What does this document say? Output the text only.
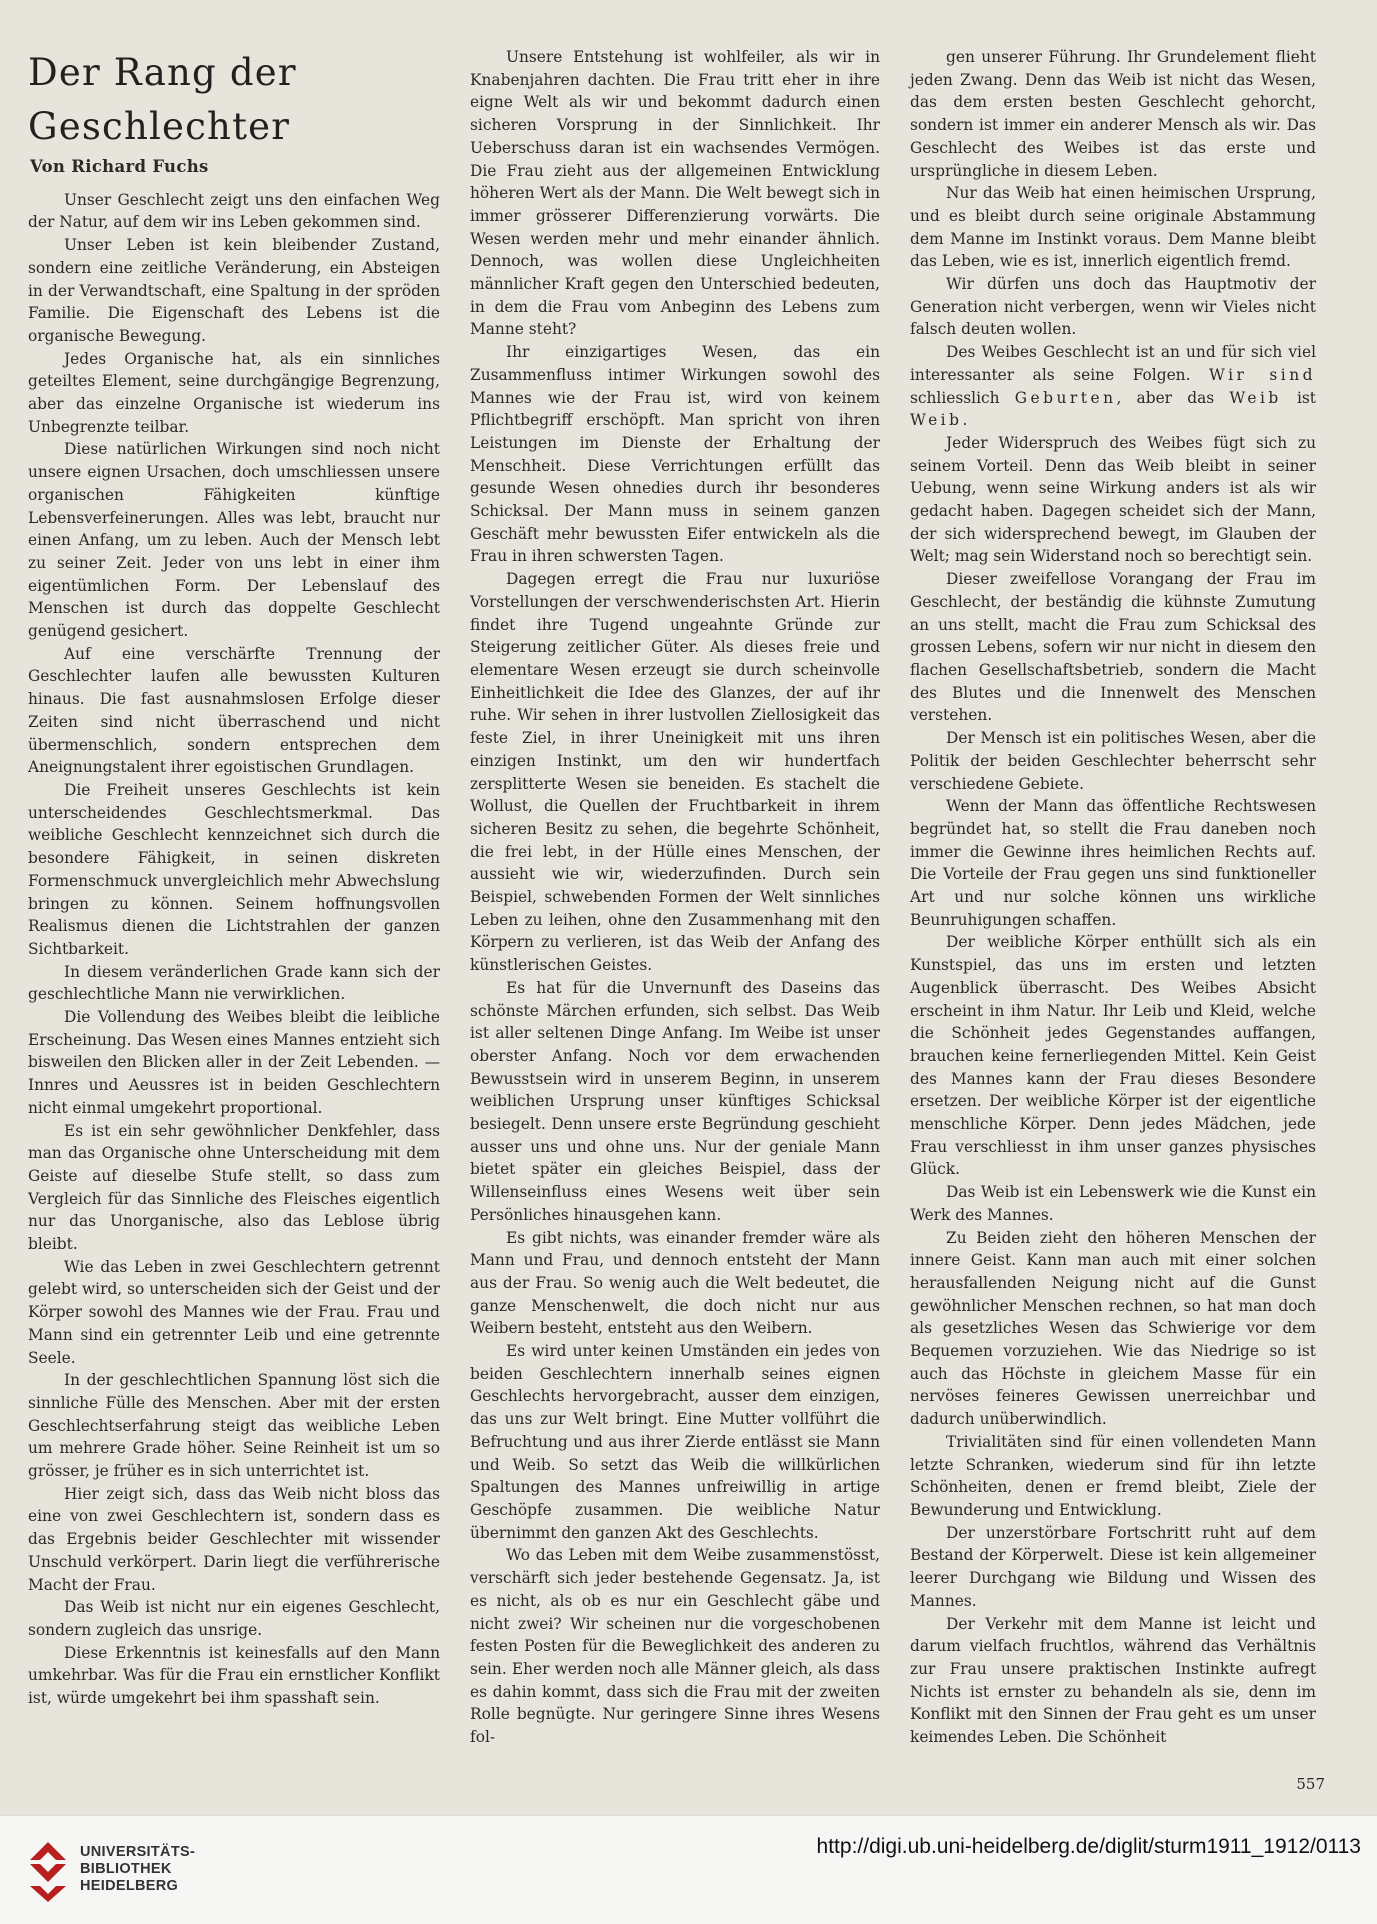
Der Rang der Geschlechter
Von Richard Fuchs

Unser Geschlecht zeigt uns den einfachen Weg der Natur, auf dem wir ins Leben gekommen sind.

Unser Leben ist kein bleibender Zustand, sondern eine zeitliche Veränderung, ein Absteigen in der Verwandtschaft, eine Spaltung in der spröden Familie. Die Eigenschaft des Lebens ist die organische Bewegung.

Jedes Organische hat, als ein sinnliches geteiltes Element, seine durchgängige Begrenzung, aber das einzelne Organische ist wiederum ins Unbegrenzte teilbar.

Diese natürlichen Wirkungen sind noch nicht unsere eignen Ursachen, doch umschliessen unsere organischen Fähigkeiten künftige Lebensverfeinerungen. Alles was lebt, braucht nur einen Anfang, um zu leben. Auch der Mensch lebt zu seiner Zeit. Jeder von uns lebt in einer ihm eigentümlichen Form. Der Lebenslauf des Menschen ist durch das doppelte Geschlecht genügend gesichert.

Auf eine verschärfte Trennung der Geschlechter laufen alle bewussten Kulturen hinaus. Die fast ausnahmslosen Erfolge dieser Zeiten sind nicht überraschend und nicht übermenschlich, sondern entsprechen dem Aneignungstalent ihrer egoistischen Grundlagen.

Die Freiheit unseres Geschlechts ist kein unterscheidendes Geschlechtsmerkmal. Das weibliche Geschlecht kennzeichnet sich durch die besondere Fähigkeit, in seinen diskreten Formenschmuck unvergleichlich mehr Abwechslung bringen zu können. Seinem hoffnungsvollen Realismus dienen die Lichtstrahlen der ganzen Sichtbarkeit.

In diesem veränderlichen Grade kann sich der geschlechtliche Mann nie verwirklichen.

Die Vollendung des Weibes bleibt die leibliche Erscheinung. Das Wesen eines Mannes entzieht sich bisweilen den Blicken aller in der Zeit Lebenden. — Innres und Aeussres ist in beiden Geschlechtern nicht einmal umgekehrt proportional.

Es ist ein sehr gewöhnlicher Denkfehler, dass man das Organische ohne Unterscheidung mit dem Geiste auf dieselbe Stufe stellt, so dass zum Vergleich für das Sinnliche des Fleisches eigentlich nur das Unorganische, also das Leblose übrig bleibt.

Wie das Leben in zwei Geschlechtern getrennt gelebt wird, so unterscheiden sich der Geist und der Körper sowohl des Mannes wie der Frau. Frau und Mann sind ein getrennter Leib und eine getrennte Seele.

In der geschlechtlichen Spannung löst sich die sinnliche Fülle des Menschen. Aber mit der ersten Geschlechtserfahrung steigt das weibliche Leben um mehrere Grade höher. Seine Reinheit ist um so grösser, je früher es in sich unterrichtet ist.

Hier zeigt sich, dass das Weib nicht bloss das eine von zwei Geschlechtern ist, sondern dass es das Ergebnis beider Geschlechter mit wissender Unschuld verkörpert. Darin liegt die verführerische Macht der Frau.

Das Weib ist nicht nur ein eigenes Geschlecht, sondern zugleich das unsrige.

Diese Erkenntnis ist keinesfalls auf den Mann umkehrbar. Was für die Frau ein ernstlicher Konflikt ist, würde umgekehrt bei ihm spasshaft sein.

Unsere Entstehung ist wohlfeiler, als wir in Knabenjahren dachten. Die Frau tritt eher in ihre eigne Welt als wir und bekommt dadurch einen sicheren Vorsprung in der Sinnlichkeit. Ihr Ueberschuss daran ist ein wachsendes Vermögen. Die Frau zieht aus der allgemeinen Entwicklung höheren Wert als der Mann. Die Welt bewegt sich in immer grösserer Differenzierung vorwärts. Die Wesen werden mehr und mehr einander ähnlich. Dennoch, was wollen diese Ungleichheiten männlicher Kraft gegen den Unterschied bedeuten, in dem die Frau vom Anbeginn des Lebens zum Manne steht?

Ihr einzigartiges Wesen, das ein Zusammenfluss intimer Wirkungen sowohl des Mannes wie der Frau ist, wird von keinem Pflichtbegriff erschöpft. Man spricht von ihren Leistungen im Dienste der Erhaltung der Menschheit. Diese Verrichtungen erfüllt das gesunde Wesen ohnedies durch ihr besonderes Schicksal. Der Mann muss in seinem ganzen Geschäft mehr bewussten Eifer entwickeln als die Frau in ihren schwersten Tagen.

Dagegen erregt die Frau nur luxuriöse Vorstellungen der verschwenderischsten Art. Hierin findet ihre Tugend ungeahnte Gründe zur Steigerung zeitlicher Güter. Als dieses freie und elementare Wesen erzeugt sie durch scheinvolle Einheitlichkeit die Idee des Glanzes, der auf ihr ruhe. Wir sehen in ihrer lustvollen Ziellosigkeit das feste Ziel, in ihrer Uneinigkeit mit uns ihren einzigen Instinkt, um den wir hundertfach zersplitterte Wesen sie beneiden. Es stachelt die Wollust, die Quellen der Fruchtbarkeit in ihrem sicheren Besitz zu sehen, die begehrte Schönheit, die frei lebt, in der Hülle eines Menschen, der aussieht wie wir, wiederzufinden. Durch sein Beispiel, schwebenden Formen der Welt sinnliches Leben zu leihen, ohne den Zusammenhang mit den Körpern zu verlieren, ist das Weib der Anfang des künstlerischen Geistes.

Es hat für die Unvernunft des Daseins das schönste Märchen erfunden, sich selbst. Das Weib ist aller seltenen Dinge Anfang. Im Weibe ist unser oberster Anfang. Noch vor dem erwachenden Bewusstsein wird in unserem Beginn, in unserem weiblichen Ursprung unser künftiges Schicksal besiegelt. Denn unsere erste Begründung geschieht ausser uns und ohne uns. Nur der geniale Mann bietet später ein gleiches Beispiel, dass der Willenseinfluss eines Wesens weit über sein Persönliches hinausgehen kann.

Es gibt nichts, was einander fremder wäre als Mann und Frau, und dennoch entsteht der Mann aus der Frau. So wenig auch die Welt bedeutet, die ganze Menschenwelt, die doch nicht nur aus Weibern besteht, entsteht aus den Weibern.

Es wird unter keinen Umständen ein jedes von beiden Geschlechtern innerhalb seines eignen Geschlechts hervorgebracht, ausser dem einzigen, das uns zur Welt bringt. Eine Mutter vollführt die Befruchtung und aus ihrer Zierde entlässt sie Mann und Weib. So setzt das Weib die willkürlichen Spaltungen des Mannes unfreiwillig in artige Geschöpfe zusammen. Die weibliche Natur übernimmt den ganzen Akt des Geschlechts.

Wo das Leben mit dem Weibe zusammenstösst, verschärft sich jeder bestehende Gegensatz. Ja, ist es nicht, als ob es nur ein Geschlecht gäbe und nicht zwei? Wir scheinen nur die vorgeschobenen festen Posten für die Beweglichkeit des anderen zu sein. Eher werden noch alle Männer gleich, als dass es dahin kommt, dass sich die Frau mit der zweiten Rolle begnügte. Nur geringere Sinne ihres Wesens fol-

gen unserer Führung. Ihr Grundelement flieht jeden Zwang. Denn das Weib ist nicht das Wesen, das dem ersten besten Geschlecht gehorcht, sondern ist immer ein anderer Mensch als wir. Das Geschlecht des Weibes ist das erste und ursprüngliche in diesem Leben.

Nur das Weib hat einen heimischen Ursprung, und es bleibt durch seine originale Abstammung dem Manne im Instinkt voraus. Dem Manne bleibt das Leben, wie es ist, innerlich eigentlich fremd.

Wir dürfen uns doch das Hauptmotiv der Generation nicht verbergen, wenn wir Vieles nicht falsch deuten wollen.

Des Weibes Geschlecht ist an und für sich viel interessanter als seine Folgen. Wir sind schliesslich Geburten, aber das Weib ist Weib.

Jeder Widerspruch des Weibes fügt sich zu seinem Vorteil. Denn das Weib bleibt in seiner Uebung, wenn seine Wirkung anders ist als wir gedacht haben. Dagegen scheidet sich der Mann, der sich widersprechend bewegt, im Glauben der Welt; mag sein Widerstand noch so berechtigt sein.

Dieser zweifellose Vorangang der Frau im Geschlecht, der beständig die kühnste Zumutung an uns stellt, macht die Frau zum Schicksal des grossen Lebens, sofern wir nur nicht in diesem den flachen Gesellschaftsbetrieb, sondern die Macht des Blutes und die Innenwelt des Menschen verstehen.

Der Mensch ist ein politisches Wesen, aber die Politik der beiden Geschlechter beherrscht sehr verschiedene Gebiete.

Wenn der Mann das öffentliche Rechtswesen begründet hat, so stellt die Frau daneben noch immer die Gewinne ihres heimlichen Rechts auf. Die Vorteile der Frau gegen uns sind funktioneller Art und nur solche können uns wirkliche Beunruhigungen schaffen.

Der weibliche Körper enthüllt sich als ein Kunstspiel, das uns im ersten und letzten Augenblick überrascht. Des Weibes Absicht erscheint in ihm Natur. Ihr Leib und Kleid, welche die Schönheit jedes Gegenstandes auffangen, brauchen keine fernerliegenden Mittel. Kein Geist des Mannes kann der Frau dieses Besondere ersetzen. Der weibliche Körper ist der eigentliche menschliche Körper. Denn jedes Mädchen, jede Frau verschliesst in ihm unser ganzes physisches Glück.

Das Weib ist ein Lebenswerk wie die Kunst ein Werk des Mannes.

Zu Beiden zieht den höheren Menschen der innere Geist. Kann man auch mit einer solchen herausfallenden Neigung nicht auf die Gunst gewöhnlicher Menschen rechnen, so hat man doch als gesetzliches Wesen das Schwierige vor dem Bequemen vorzuziehen. Wie das Niedrige so ist auch das Höchste in gleichem Masse für ein nervöses feineres Gewissen unerreichbar und dadurch unüberwindlich.

Trivialitäten sind für einen vollendeten Mann letzte Schranken, wiederum sind für ihn letzte Schönheiten, denen er fremd bleibt, Ziele der Bewunderung und Entwicklung.

Der unzerstörbare Fortschritt ruht auf dem Bestand der Körperwelt. Diese ist kein allgemeiner leerer Durchgang wie Bildung und Wissen des Mannes.

Der Verkehr mit dem Manne ist leicht und darum vielfach fruchtlos, während das Verhältnis zur Frau unsere praktischen Instinkte aufregt Nichts ist ernster zu behandeln als sie, denn im Konflikt mit den Sinnen der Frau geht es um unser keimendes Leben. Die Schönheit

557
UNIVERSITÄTS-
BIBLIOTHEK
HEIDELBERG
http://digi.ub.uni-heidelberg.de/diglit/sturm1911_1912/0113
